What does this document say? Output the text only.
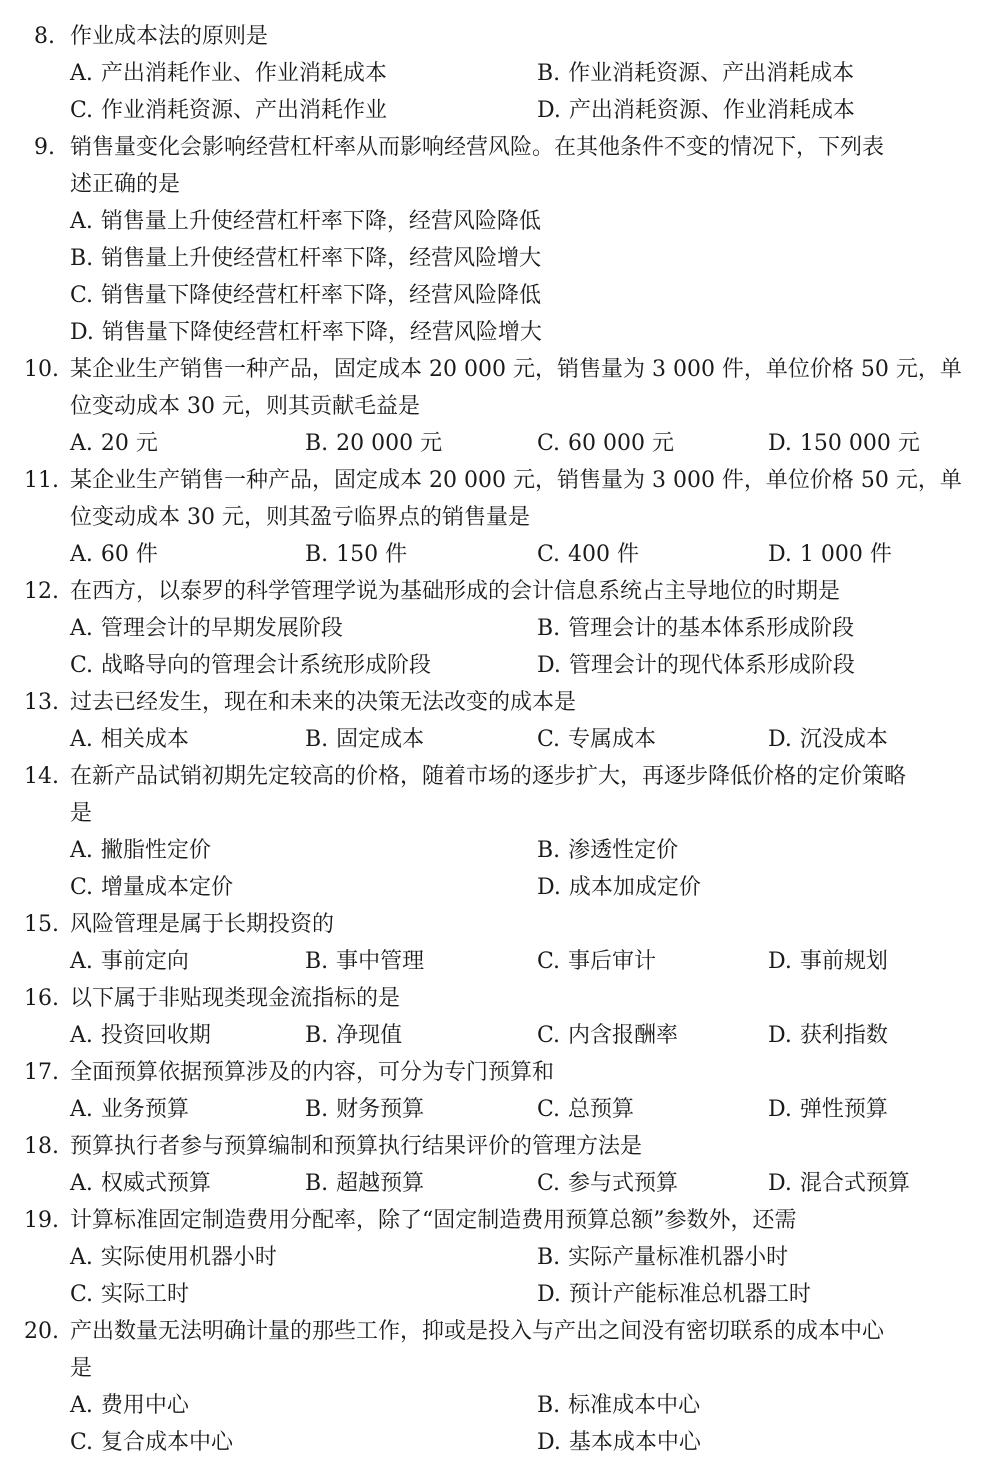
8. 作业成本法的原则是
A. 产出消耗作业、作业消耗成本	B. 作业消耗资源、产出消耗成本
C. 作业消耗资源、产出消耗作业	D. 产出消耗资源、作业消耗成本
9. 销售量变化会影响经营杠杆率从而影响经营风险。在其他条件不变的情况下，下列表
述正确的是
A. 销售量上升使经营杠杆率下降，经营风险降低
B. 销售量上升使经营杠杆率下降，经营风险增大
C. 销售量下降使经营杠杆率下降，经营风险降低
D. 销售量下降使经营杠杆率下降，经营风险增大
10. 某企业生产销售一种产品，固定成本 20 000 元，销售量为 3 000 件，单位价格 50 元，单
位变动成本 30 元，则其贡献毛益是
A. 20 元	B. 20 000 元	C. 60 000 元	D. 150 000 元
11. 某企业生产销售一种产品，固定成本 20 000 元，销售量为 3 000 件，单位价格 50 元，单
位变动成本 30 元，则其盈亏临界点的销售量是
A. 60 件	B. 150 件	C. 400 件	D. 1 000 件
12. 在西方，以泰罗的科学管理学说为基础形成的会计信息系统占主导地位的时期是
A. 管理会计的早期发展阶段	B. 管理会计的基本体系形成阶段
C. 战略导向的管理会计系统形成阶段	D. 管理会计的现代体系形成阶段
13. 过去已经发生，现在和未来的决策无法改变的成本是
A. 相关成本	B. 固定成本	C. 专属成本	D. 沉没成本
14. 在新产品试销初期先定较高的价格，随着市场的逐步扩大，再逐步降低价格的定价策略
是
A. 撇脂性定价	B. 渗透性定价
C. 增量成本定价	D. 成本加成定价
15. 风险管理是属于长期投资的
A. 事前定向	B. 事中管理	C. 事后审计	D. 事前规划
16. 以下属于非贴现类现金流指标的是
A. 投资回收期	B. 净现值	C. 内含报酬率	D. 获利指数
17. 全面预算依据预算涉及的内容，可分为专门预算和
A. 业务预算	B. 财务预算	C. 总预算	D. 弹性预算
18. 预算执行者参与预算编制和预算执行结果评价的管理方法是
A. 权威式预算	B. 超越预算	C. 参与式预算	D. 混合式预算
19. 计算标准固定制造费用分配率，除了“固定制造费用预算总额”参数外，还需
A. 实际使用机器小时	B. 实际产量标准机器小时
C. 实际工时	D. 预计产能标准总机器工时
20. 产出数量无法明确计量的那些工作，抑或是投入与产出之间没有密切联系的成本中心
是
A. 费用中心	B. 标准成本中心
C. 复合成本中心	D. 基本成本中心
